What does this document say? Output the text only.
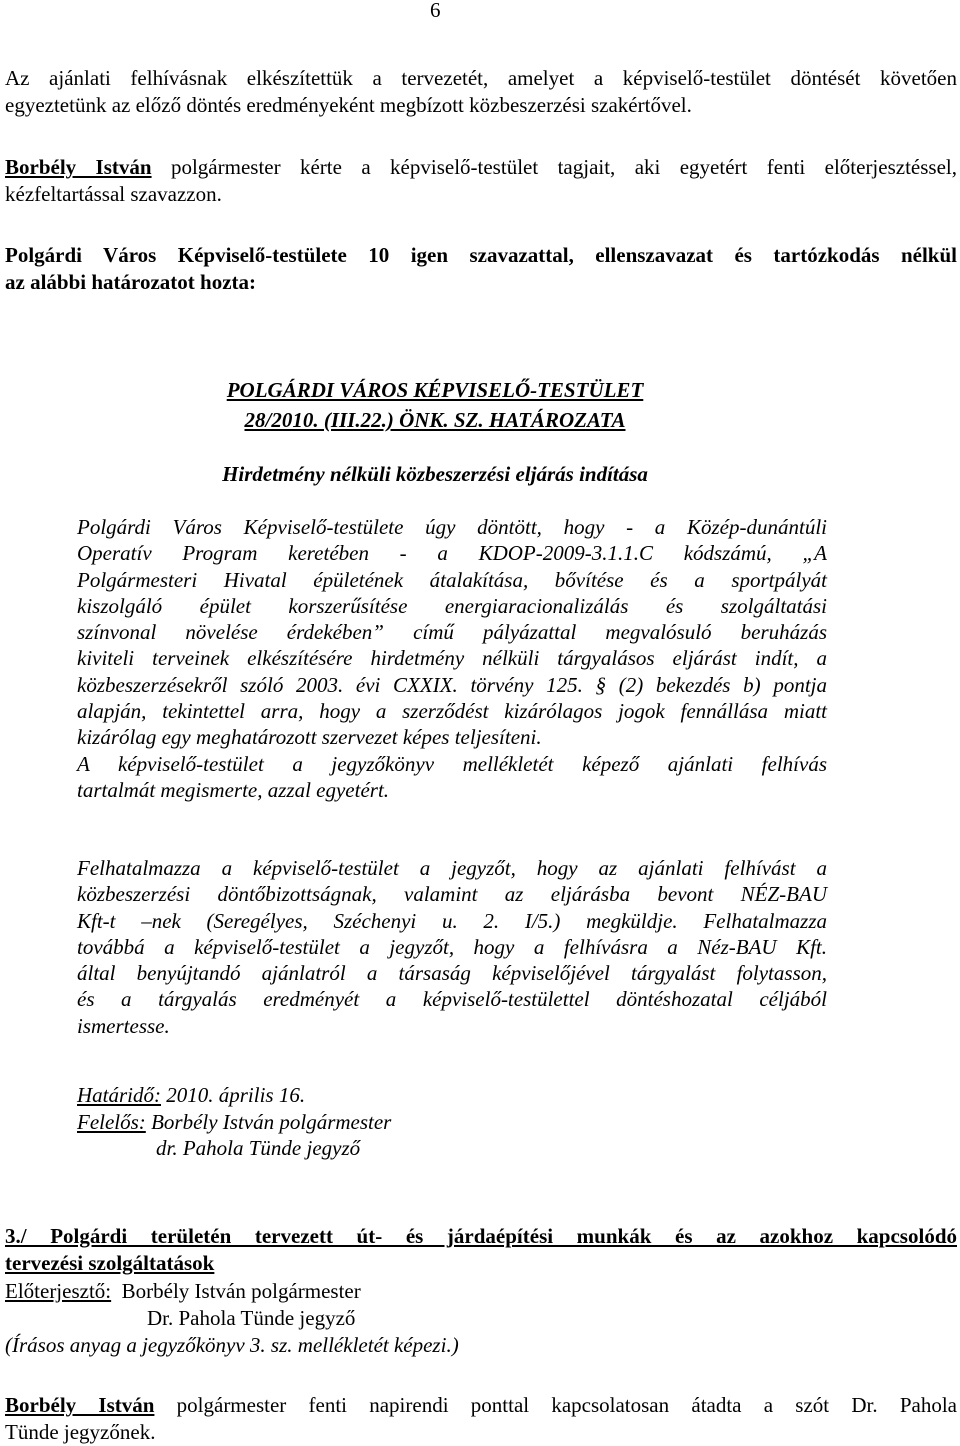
6

Az ajánlati felhívásnak elkészítettük a tervezetét, amelyet a képviselő-testület döntését követően
egyeztetünk az előző döntés eredményeként megbízott közbeszerzési szakértővel.

Borbély István polgármester kérte a képviselő-testület tagjait, aki egyetért fenti előterjesztéssel,
kézfeltartással szavazzon.

Polgárdi Város Képviselő-testülete 10 igen szavazattal, ellenszavazat és tartózkodás nélkül
az alábbi határozatot hozta:

POLGÁRDI VÁROS KÉPVISELŐ-TESTÜLET
28/2010. (III.22.) ÖNK. SZ. HATÁROZATA
Hirdetmény nélküli közbeszerzési eljárás indítása
Polgárdi Város Képviselő-testülete úgy döntött, hogy - a Közép-dunántúli
Operatív Program keretében - a KDOP-2009-3.1.1.C kódszámú, „A
Polgármesteri Hivatal épületének átalakítása, bővítése és a sportpályát
kiszolgáló épület korszerűsítése energiaracionalizálás és szolgáltatási
színvonal növelése érdekében” című pályázattal megvalósuló beruházás
kiviteli terveinek elkészítésére hirdetmény nélküli tárgyalásos eljárást indít, a
közbeszerzésekről szóló 2003. évi CXXIX. törvény 125. § (2) bekezdés b) pontja
alapján, tekintettel arra, hogy a szerződést kizárólagos jogok fennállása miatt
kizárólag egy meghatározott szervezet képes teljesíteni.
A képviselő-testület a jegyzőkönyv mellékletét képező ajánlati felhívás
tartalmát megismerte, azzal egyetért.
Felhatalmazza a képviselő-testület a jegyzőt, hogy az ajánlati felhívást a
közbeszerzési döntőbizottságnak, valamint az eljárásba bevont NÉZ-BAU
Kft-t –nek (Seregélyes, Széchenyi u. 2. I/5.) megküldje. Felhatalmazza
továbbá a képviselő-testület a jegyzőt, hogy a felhívásra a Néz-BAU Kft.
által benyújtandó ajánlatról a társaság képviselőjével tárgyalást folytasson,
és a tárgyalás eredményét a képviselő-testülettel döntéshozatal céljából
ismertesse.
Határidő: 2010. április 16.
Felelős: Borbély István polgármester
dr. Pahola Tünde jegyző

3./ Polgárdi területén tervezett út- és járdaépítési munkák és az azokhoz kapcsolódó
tervezési szolgáltatások

Előterjesztő: Borbély István polgármester
Dr. Pahola Tünde jegyző
(Írásos anyag a jegyzőkönyv 3. sz. mellékletét képezi.)

Borbély István polgármester fenti napirendi ponttal kapcsolatosan átadta a szót Dr. Pahola
Tünde jegyzőnek.
